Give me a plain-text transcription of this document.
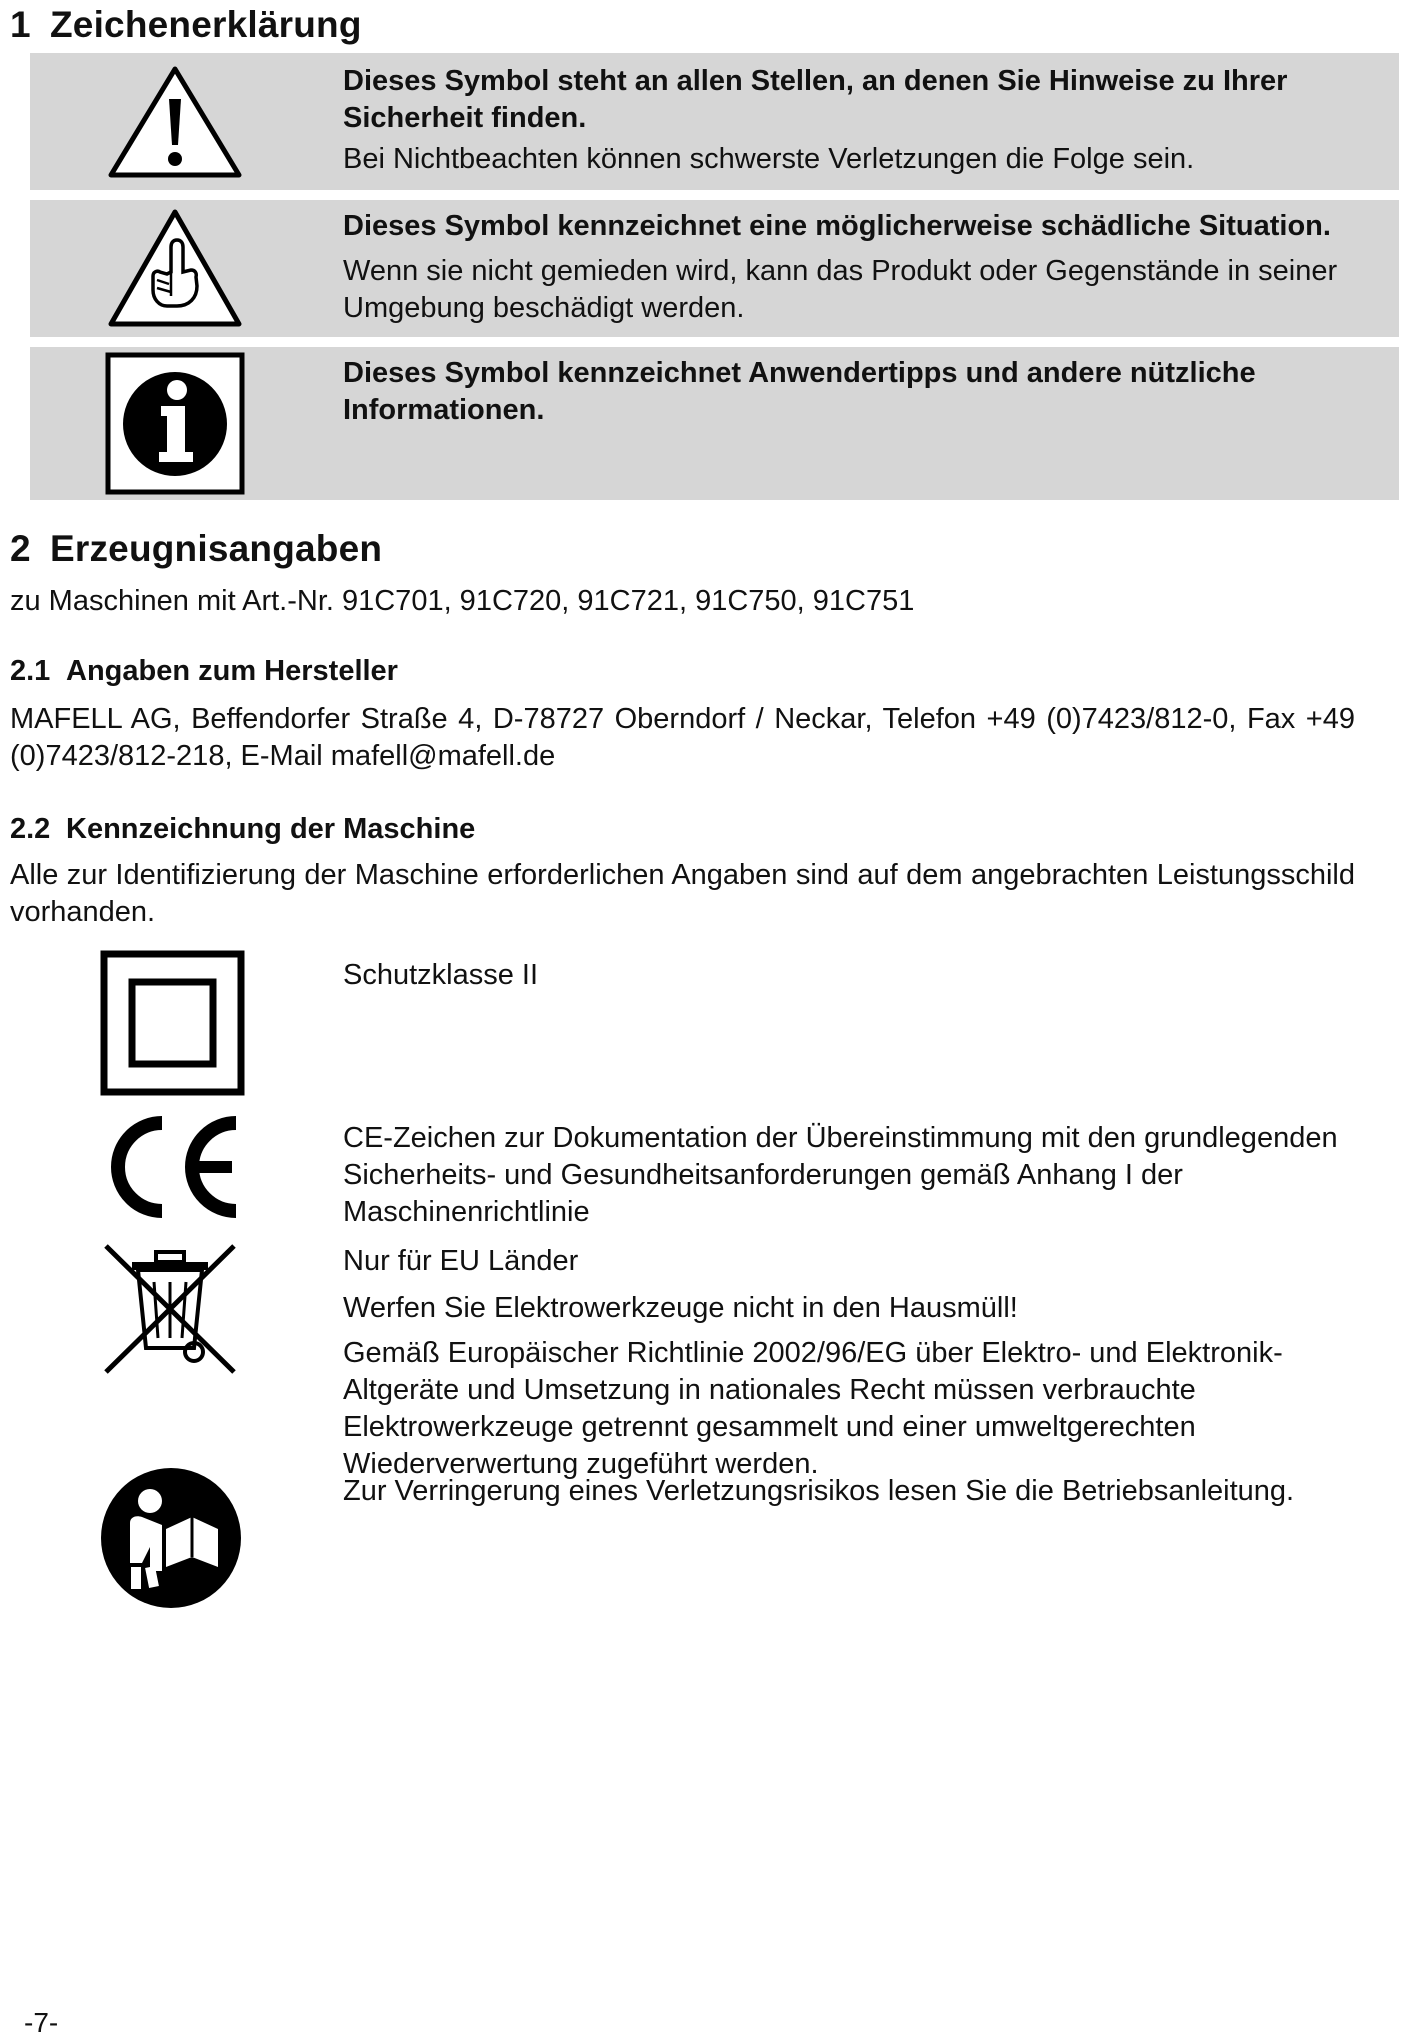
1 Zeichenerklärung
Dieses Symbol steht an allen Stellen, an denen Sie Hinweise zu Ihrer Sicherheit finden.
Bei Nichtbeachten können schwerste Verletzungen die Folge sein.
Dieses Symbol kennzeichnet eine möglicherweise schädliche Situation.
Wenn sie nicht gemieden wird, kann das Produkt oder Gegenstände in seiner Umgebung beschädigt werden.
Dieses Symbol kennzeichnet Anwendertipps und andere nützliche Informationen.
2 Erzeugnisangaben
zu Maschinen mit Art.-Nr. 91C701, 91C720, 91C721, 91C750, 91C751
2.1 Angaben zum Hersteller
MAFELL AG, Beffendorfer Straße 4, D-78727 Oberndorf / Neckar, Telefon +49 (0)7423/812-0, Fax +49 (0)7423/812-218, E-Mail mafell@mafell.de
2.2 Kennzeichnung der Maschine
Alle zur Identifizierung der Maschine erforderlichen Angaben sind auf dem angebrachten Leistungsschild vorhanden.

Schutzklasse II

CE-Zeichen zur Dokumentation der Übereinstimmung mit den grundlegenden Sicherheits- und Gesundheitsanforderungen gemäß Anhang I der Maschinenrichtlinie

Nur für EU Länder

Werfen Sie Elektrowerkzeuge nicht in den Hausmüll!

Gemäß Europäischer Richtlinie 2002/96/EG über Elektro- und Elektronik- Altgeräte und Umsetzung in nationales Recht müssen verbrauchte Elektrowerkzeuge getrennt gesammelt und einer umweltgerechten Wiederverwertung zugeführt werden.

Zur Verringerung eines Verletzungsrisikos lesen Sie die Betriebsanleitung.

-7-
